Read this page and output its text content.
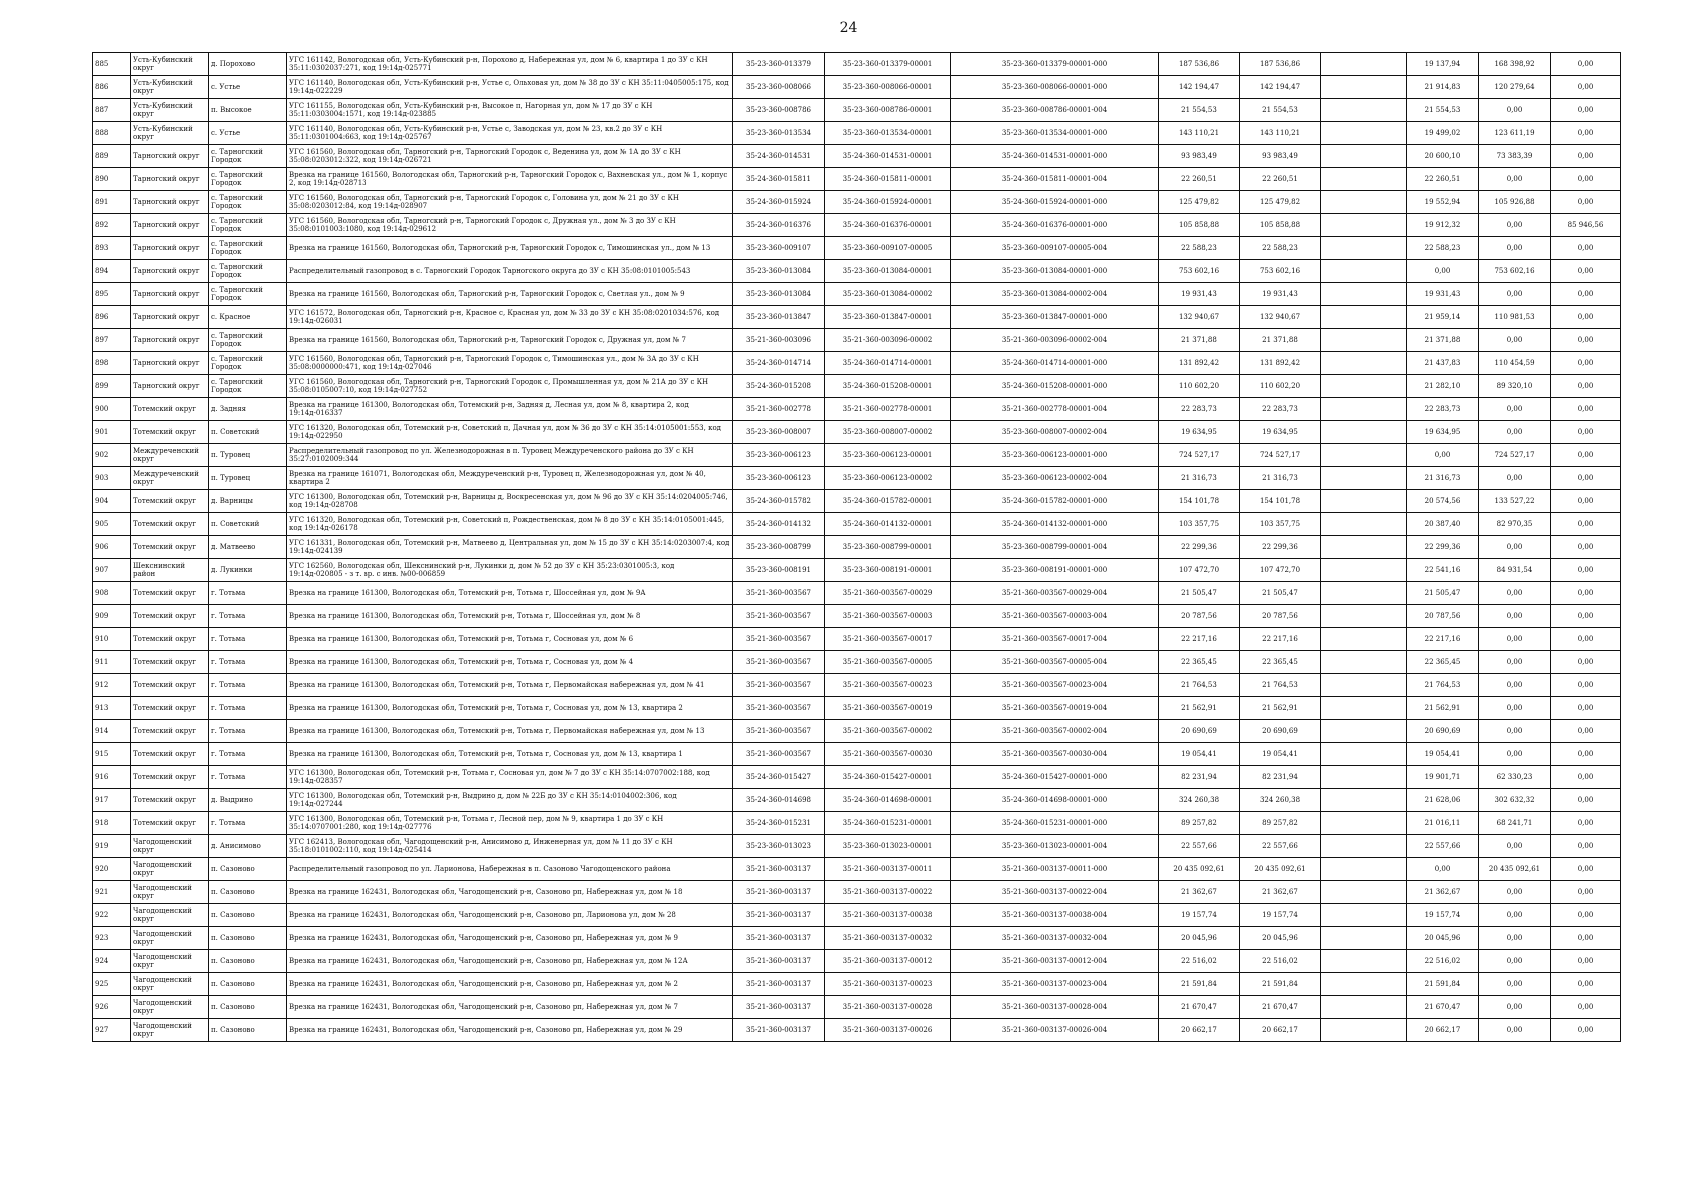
24
885	Усть-Кубинский округ	д. Порохово	УГС 161142, Вологодская обл, Усть-Кубинский р-н, Порохово д, Набережная ул, дом № 6, квартира 1 до ЗУ с КН 35:11:0302037:271, код 19:14д-025771	35-23-360-013379	35-23-360-013379-00001	35-23-360-013379-00001-000	187 536,86	187 536,86		19 137,94	168 398,92	0,00
886	Усть-Кубинский округ	с. Устье	УГС 161140, Вологодская обл, Усть-Кубинский р-н, Устье с, Ольховая ул, дом № 38 до ЗУ с КН 35:11:0405005:175, код 19:14д-022229	35-23-360-008066	35-23-360-008066-00001	35-23-360-008066-00001-000	142 194,47	142 194,47		21 914,83	120 279,64	0,00
887	Усть-Кубинский округ	п. Высокое	УГС 161155, Вологодская обл, Усть-Кубинский р-н, Высокое п, Нагорная ул, дом № 17 до ЗУ с КН 35:11:0303004:1571, код 19:14д-023885	35-23-360-008786	35-23-360-008786-00001	35-23-360-008786-00001-004	21 554,53	21 554,53		21 554,53	0,00	0,00
888	Усть-Кубинский округ	с. Устье	УГС 161140, Вологодская обл, Усть-Кубинский р-н, Устье с, Заводская ул, дом № 23, кв.2 до ЗУ с КН 35:11:0301004:663, код 19:14д-025767	35-23-360-013534	35-23-360-013534-00001	35-23-360-013534-00001-000	143 110,21	143 110,21		19 499,02	123 611,19	0,00
889	Тарногский округ	с. Тарногский Городок	УГС 161560, Вологодская обл, Тарногский р-н, Тарногский Городок с, Веденина ул, дом № 1А до ЗУ с КН 35:08:0203012:322, код 19:14д-026721	35-24-360-014531	35-24-360-014531-00001	35-24-360-014531-00001-000	93 983,49	93 983,49		20 600,10	73 383,39	0,00
890	Тарногский округ	с. Тарногский Городок	Врезка на границе 161560, Вологодская обл, Тарногский р-н, Тарногский Городок с, Вахневская ул., дом № 1, корпус 2, код 19:14д-028713	35-24-360-015811	35-24-360-015811-00001	35-24-360-015811-00001-004	22 260,51	22 260,51		22 260,51	0,00	0,00
891	Тарногский округ	с. Тарногский Городок	УГС 161560, Вологодская обл, Тарногский р-н, Тарногский Городок с, Головина ул, дом № 21 до ЗУ с КН 35:08:0203012:84, код 19:14д-028907	35-24-360-015924	35-24-360-015924-00001	35-24-360-015924-00001-000	125 479,82	125 479,82		19 552,94	105 926,88	0,00
892	Тарногский округ	с. Тарногский Городок	УГС 161560, Вологодская обл, Тарногский р-н, Тарногский Городок с, Дружная ул., дом № 3 до ЗУ с КН 35:08:0101003:1080, код 19:14д-029612	35-24-360-016376	35-24-360-016376-00001	35-24-360-016376-00001-000	105 858,88	105 858,88		19 912,32	0,00	85 946,56
893	Тарногский округ	с. Тарногский Городок	Врезка на границе 161560, Вологодская обл, Тарногский р-н, Тарногский Городок с, Тимошинская ул., дом № 13	35-23-360-009107	35-23-360-009107-00005	35-23-360-009107-00005-004	22 588,23	22 588,23		22 588,23	0,00	0,00
894	Тарногский округ	с. Тарногский Городок	Распределительный газопровод в с. Тарногский Городок Тарногского округа до ЗУ с КН 35:08:0101005:543	35-23-360-013084	35-23-360-013084-00001	35-23-360-013084-00001-000	753 602,16	753 602,16		0,00	753 602,16	0,00
895	Тарногский округ	с. Тарногский Городок	Врезка на границе 161560, Вологодская обл, Тарногский р-н, Тарногский Городок с, Светлая ул., дом № 9	35-23-360-013084	35-23-360-013084-00002	35-23-360-013084-00002-004	19 931,43	19 931,43		19 931,43	0,00	0,00
896	Тарногский округ	с. Красное	УГС 161572, Вологодская обл, Тарногский р-н, Красное с, Красная ул, дом № 33 до ЗУ с КН 35:08:0201034:576, код 19:14д-026031	35-23-360-013847	35-23-360-013847-00001	35-23-360-013847-00001-000	132 940,67	132 940,67		21 959,14	110 981,53	0,00
897	Тарногский округ	с. Тарногский Городок	Врезка на границе 161560, Вологодская обл, Тарногский р-н, Тарногский Городок с, Дружная ул, дом № 7	35-21-360-003096	35-21-360-003096-00002	35-21-360-003096-00002-004	21 371,88	21 371,88		21 371,88	0,00	0,00
898	Тарногский округ	с. Тарногский Городок	УГС 161560, Вологодская обл, Тарногский р-н, Тарногский Городок с, Тимошинская ул., дом № 3А до ЗУ с КН 35:08:0000000:471, код 19:14д-027046	35-24-360-014714	35-24-360-014714-00001	35-24-360-014714-00001-000	131 892,42	131 892,42		21 437,83	110 454,59	0,00
899	Тарногский округ	с. Тарногский Городок	УГС 161560, Вологодская обл, Тарногский р-н, Тарногский Городок с, Промышленная ул, дом № 21А до ЗУ с КН 35:08:0105007:10, код 19:14д-027752	35-24-360-015208	35-24-360-015208-00001	35-24-360-015208-00001-000	110 602,20	110 602,20		21 282,10	89 320,10	0,00
900	Тотемский округ	д. Задняя	Врезка на границе 161300, Вологодская обл, Тотемский р-н, Задняя д, Лесная ул, дом № 8, квартира 2, код 19:14д-016337	35-21-360-002778	35-21-360-002778-00001	35-21-360-002778-00001-004	22 283,73	22 283,73		22 283,73	0,00	0,00
901	Тотемский округ	п. Советский	УГС 161320, Вологодская обл, Тотемский р-н, Советский п, Дачная ул, дом № 36 до ЗУ с КН 35:14:0105001:553, код 19:14д-022950	35-23-360-008007	35-23-360-008007-00002	35-23-360-008007-00002-004	19 634,95	19 634,95		19 634,95	0,00	0,00
902	Междуреченский округ	п. Туровец	Распределительный газопровод по ул. Железнодорожная в п. Туровец Междуреченского района до ЗУ с КН 35:27:0102009:344	35-23-360-006123	35-23-360-006123-00001	35-23-360-006123-00001-000	724 527,17	724 527,17		0,00	724 527,17	0,00
903	Междуреченский округ	п. Туровец	Врезка на границе 161071, Вологодская обл, Междуреченский р-н, Туровец п, Железнодорожная ул, дом № 40, квартира 2	35-23-360-006123	35-23-360-006123-00002	35-23-360-006123-00002-004	21 316,73	21 316,73		21 316,73	0,00	0,00
904	Тотемский округ	д. Варницы	УГС 161300, Вологодская обл, Тотемский р-н, Варницы д, Воскресенская ул, дом № 96 до ЗУ с КН 35:14:0204005:746, код 19:14д-028708	35-24-360-015782	35-24-360-015782-00001	35-24-360-015782-00001-000	154 101,78	154 101,78		20 574,56	133 527,22	0,00
905	Тотемский округ	п. Советский	УГС 161320, Вологодская обл, Тотемский р-н, Советский п, Рождественская, дом № 8 до ЗУ с КН 35:14:0105001:445, код 19:14д-026178	35-24-360-014132	35-24-360-014132-00001	35-24-360-014132-00001-000	103 357,75	103 357,75		20 387,40	82 970,35	0,00
906	Тотемский округ	д. Матвеево	УГС 161331, Вологодская обл, Тотемский р-н, Матвеево д, Центральная ул, дом № 15 до ЗУ с КН 35:14:0203007:4, код 19:14д-024139	35-23-360-008799	35-23-360-008799-00001	35-23-360-008799-00001-004	22 299,36	22 299,36		22 299,36	0,00	0,00
907	Шекснинский район	д. Лукинки	УГС 162560, Вологодская обл, Шекснинский р-н, Лукинки д, дом № 52 до ЗУ с КН 35:23:0301005:3, код 19:14д-020805 - з т. вр. с инв. №00-006859	35-23-360-008191	35-23-360-008191-00001	35-23-360-008191-00001-000	107 472,70	107 472,70		22 541,16	84 931,54	0,00
908	Тотемский округ	г. Тотьма	Врезка на границе 161300, Вологодская обл, Тотемский р-н, Тотьма г, Шоссейная ул, дом № 9А	35-21-360-003567	35-21-360-003567-00029	35-21-360-003567-00029-004	21 505,47	21 505,47		21 505,47	0,00	0,00
909	Тотемский округ	г. Тотьма	Врезка на границе 161300, Вологодская обл, Тотемский р-н, Тотьма г, Шоссейная ул, дом № 8	35-21-360-003567	35-21-360-003567-00003	35-21-360-003567-00003-004	20 787,56	20 787,56		20 787,56	0,00	0,00
910	Тотемский округ	г. Тотьма	Врезка на границе 161300, Вологодская обл, Тотемский р-н, Тотьма г, Сосновая ул, дом № 6	35-21-360-003567	35-21-360-003567-00017	35-21-360-003567-00017-004	22 217,16	22 217,16		22 217,16	0,00	0,00
911	Тотемский округ	г. Тотьма	Врезка на границе 161300, Вологодская обл, Тотемский р-н, Тотьма г, Сосновая ул, дом № 4	35-21-360-003567	35-21-360-003567-00005	35-21-360-003567-00005-004	22 365,45	22 365,45		22 365,45	0,00	0,00
912	Тотемский округ	г. Тотьма	Врезка на границе 161300, Вологодская обл, Тотемский р-н, Тотьма г, Первомайская набережная ул, дом № 41	35-21-360-003567	35-21-360-003567-00023	35-21-360-003567-00023-004	21 764,53	21 764,53		21 764,53	0,00	0,00
913	Тотемский округ	г. Тотьма	Врезка на границе 161300, Вологодская обл, Тотемский р-н, Тотьма г, Сосновая ул, дом № 13, квартира 2	35-21-360-003567	35-21-360-003567-00019	35-21-360-003567-00019-004	21 562,91	21 562,91		21 562,91	0,00	0,00
914	Тотемский округ	г. Тотьма	Врезка на границе 161300, Вологодская обл, Тотемский р-н, Тотьма г, Первомайская набережная ул, дом № 13	35-21-360-003567	35-21-360-003567-00002	35-21-360-003567-00002-004	20 690,69	20 690,69		20 690,69	0,00	0,00
915	Тотемский округ	г. Тотьма	Врезка на границе 161300, Вологодская обл, Тотемский р-н, Тотьма г, Сосновая ул, дом № 13, квартира 1	35-21-360-003567	35-21-360-003567-00030	35-21-360-003567-00030-004	19 054,41	19 054,41		19 054,41	0,00	0,00
916	Тотемский округ	г. Тотьма	УГС 161300, Вологодская обл, Тотемский р-н, Тотьма г, Сосновая ул, дом № 7 до ЗУ с КН 35:14:0707002:188, код 19:14д-028357	35-24-360-015427	35-24-360-015427-00001	35-24-360-015427-00001-000	82 231,94	82 231,94		19 901,71	62 330,23	0,00
917	Тотемский округ	д. Выдрино	УГС 161300, Вологодская обл, Тотемский р-н, Выдрино д, дом № 22Б до ЗУ с КН 35:14:0104002:306, код 19:14д-027244	35-24-360-014698	35-24-360-014698-00001	35-24-360-014698-00001-000	324 260,38	324 260,38		21 628,06	302 632,32	0,00
918	Тотемский округ	г. Тотьма	УГС 161300, Вологодская обл, Тотемский р-н, Тотьма г, Лесной пер, дом № 9, квартира 1 до ЗУ с КН 35:14:0707001:280, код 19:14д-027776	35-24-360-015231	35-24-360-015231-00001	35-24-360-015231-00001-000	89 257,82	89 257,82		21 016,11	68 241,71	0,00
919	Чагодощенский округ	д. Анисимово	УГС 162413, Вологодская обл, Чагодощенский р-н, Анисимово д, Инженерная ул, дом № 11 до ЗУ с КН 35:18:0101002:110, код 19:14д-025414	35-23-360-013023	35-23-360-013023-00001	35-23-360-013023-00001-004	22 557,66	22 557,66		22 557,66	0,00	0,00
920	Чагодощенский округ	п. Сазоново	Распределительный газопровод по ул. Ларионова, Набережная в п. Сазоново Чагодощенского района	35-21-360-003137	35-21-360-003137-00011	35-21-360-003137-00011-000	20 435 092,61	20 435 092,61		0,00	20 435 092,61	0,00
921	Чагодощенский округ	п. Сазоново	Врезка на границе 162431, Вологодская обл, Чагодощенский р-н, Сазоново рп, Набережная ул, дом № 18	35-21-360-003137	35-21-360-003137-00022	35-21-360-003137-00022-004	21 362,67	21 362,67		21 362,67	0,00	0,00
922	Чагодощенский округ	п. Сазоново	Врезка на границе 162431, Вологодская обл, Чагодощенский р-н, Сазоново рп, Ларионова ул, дом № 28	35-21-360-003137	35-21-360-003137-00038	35-21-360-003137-00038-004	19 157,74	19 157,74		19 157,74	0,00	0,00
923	Чагодощенский округ	п. Сазоново	Врезка на границе 162431, Вологодская обл, Чагодощенский р-н, Сазоново рп, Набережная ул, дом № 9	35-21-360-003137	35-21-360-003137-00032	35-21-360-003137-00032-004	20 045,96	20 045,96		20 045,96	0,00	0,00
924	Чагодощенский округ	п. Сазоново	Врезка на границе 162431, Вологодская обл, Чагодощенский р-н, Сазоново рп, Набережная ул, дом № 12А	35-21-360-003137	35-21-360-003137-00012	35-21-360-003137-00012-004	22 516,02	22 516,02		22 516,02	0,00	0,00
925	Чагодощенский округ	п. Сазоново	Врезка на границе 162431, Вологодская обл, Чагодощенский р-н, Сазоново рп, Набережная ул, дом № 2	35-21-360-003137	35-21-360-003137-00023	35-21-360-003137-00023-004	21 591,84	21 591,84		21 591,84	0,00	0,00
926	Чагодощенский округ	п. Сазоново	Врезка на границе 162431, Вологодская обл, Чагодощенский р-н, Сазоново рп, Набережная ул, дом № 7	35-21-360-003137	35-21-360-003137-00028	35-21-360-003137-00028-004	21 670,47	21 670,47		21 670,47	0,00	0,00
927	Чагодощенский округ	п. Сазоново	Врезка на границе 162431, Вологодская обл, Чагодощенский р-н, Сазоново рп, Набережная ул, дом № 29	35-21-360-003137	35-21-360-003137-00026	35-21-360-003137-00026-004	20 662,17	20 662,17		20 662,17	0,00	0,00
